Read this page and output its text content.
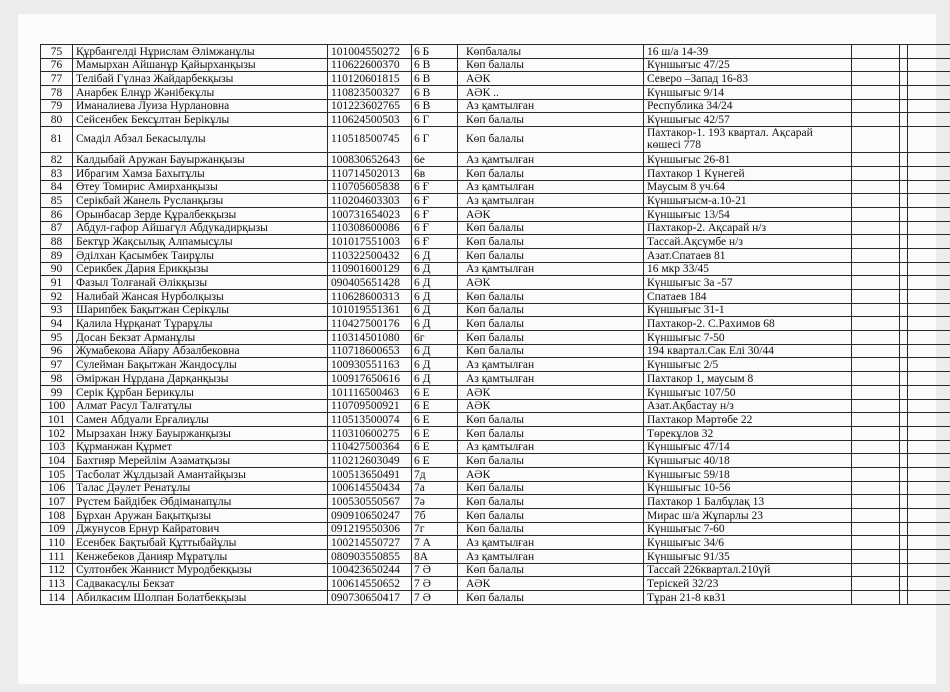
75	Құрбангелді Нұрислам Әлімжанұлы	101004550272	6 Б	Көпбалалы	16 ш/а 14-39			
76	Мамырхан Айшанұр Қайырханқызы	110622600370	6 В	Көп балалы	Күншығыс 47/25			
77	Телібай Гүлназ Жайдарбекқызы	110120601815	6 В	АӘК	Северо –Запад 16-83			
78	Анарбек Елнұр Жәнібекұлы	110823500327	6 В	АӘК ..	Күншығыс 9/14			
79	Иманалиева Луиза Нурлановна	101223602765	6 В	Аз қамтылған	Республика 34/24			
80	Сейсенбек Бексұлтан Берікұлы	110624500503	6 Г	Көп балалы	Күншығыс 42/57			
81	Смаділ Абзал Бекасылұлы	110518500745	6 Г	Көп балалы	Пахтакор-1. 193 квартал. Ақсарай көшесі 778			
82	Калдыбай Аружан Бауыржанқызы	100830652643	6е	Аз қамтылған	Күншығыс 26-81			
83	Ибрагим Хамза Бахытұлы	110714502013	6в	Көп балалы	Пахтакор 1 Күнегей			
84	Өтеу Томирис Амирханқызы	110705605838	6 Ғ	Аз қамтылған	Маусым 8 уч.64			
85	Серікбай Жанель Русланқызы	110204603303	6 Ғ	Аз қамтылған	Күншығысм-а.10-21			
86	Орынбасар Зерде Құралбекқызы	100731654023	6 Ғ	АӘК	Күншығыс 13/54			
87	Абдул-гафор Айшагүл Абдукадирқызы	110308600086	6 Ғ	Көп балалы	Пахтакор-2. Ақсарай н/з			
88	Бектұр Жақсылық Алпамысұлы	101017551003	6 Ғ	Көп балалы	Тассай.Ақсүмбе н/з			
89	Әділхан Қасымбек Таирұлы	110322500432	6 Д	Көп балалы	Азат.Спатаев 81			
90	Серикбек Дария Ерикқызы	110901600129	6 Д	Аз қамтылған	16 мкр 33/45			
91	Фазыл Толғанай Әлікқызы	090405651428	6 Д	АӘК	Күншығыс 3а -57			
92	Налибай Жансая Нурболқызы	110628600313	6 Д	Көп балалы	Спатаев 184			
93	Шарипбек Бақытжан Серікұлы	101019551361	6 Д	Көп балалы	Күншығыс 31-1			
94	Қалила Нұрқанат Тұрарұлы	110427500176	6 Д	Көп балалы	Пахтакор-2. С.Рахимов 68			
95	Досан Бекзат Арманұлы	110314501080	6г	Көп балалы	Күншығыс 7-50			
96	Жумабекова Айару Абзалбековна	110718600653	6 Д	Көп балалы	194 квартал.Сак Елі 30/44			
97	Сулейман Бақытжан Жандосұлы	100930551163	6 Д	Аз қамтылған	Күншығыс 2/5			
98	Әміржан Нұрдана Дарқанқызы	100917650616	6 Д	Аз қамтылған	Пахтакор 1, маусым 8			
99	Серік Құрбан Берикұлы	101116500463	6 Е	АӘК	Күншығыс 107/50			
100	Алмат Расул Талғатұлы	110709500921	6 Е	АӘК	Азат.Ақбастау н/з			
101	Самен Абдуали Ерғалиұлы	110513500074	6 Е	Көп балалы	Пахтакор Мәртөбе 22			
102	Мырзахан Інжу Бауыржанқызы	110310600275	6 Е	Көп балалы	Төрекұлов 32			
103	Құрманжан Құрмет	110427500364	6 Е	Аз қамтылған	Күншығыс 47/14			
104	Бахтияр Мерейлім Азаматқызы	110212603049	6 Е	Көп балалы	Күншығыс 40/18			
105	Тасболат Жұлдызай Амантайқызы	100513650491	7д	АӘК	Күншығыс 59/18			
106	Талас Дәулет Ренатұлы	100614550434	7а	Көп балалы	Күншығыс 10-56			
107	Рүстем Байдібек Әбдіманапұлы	100530550567	7ә	Көп балалы	Пахтакор 1 Балбұлақ 13			
108	Бұрхан Аружан Бақытқызы	090910650247	7б	Көп балалы	Мирас ш/а Жұпарлы 23			
109	Джунусов Ернур Кайратович	091219550306	7г	Көп балалы	Күншығыс 7-60			
110	Есенбек Бақтыбай Құттыбайұлы	100214550727	7 А	Аз қамтылған	Күншығыс 34/6			
111	Кенжебеков Данияр Мұратұлы	080903550855	8А	Аз қамтылған	Күншығыс 91/35			
112	Султонбек Жаннист Муродбекқызы	100423650244	7 Ә	Көп балалы	Тассай 226квартал.210үй			
113	Садвакасұлы Бекзат	100614550652	7 Ә	АӘК	Терiскей 32/23			
114	Абилкасим Шолпан Болатбекқызы	090730650417	7 Ә	Көп балалы	Тұран 21-8 кв31			
